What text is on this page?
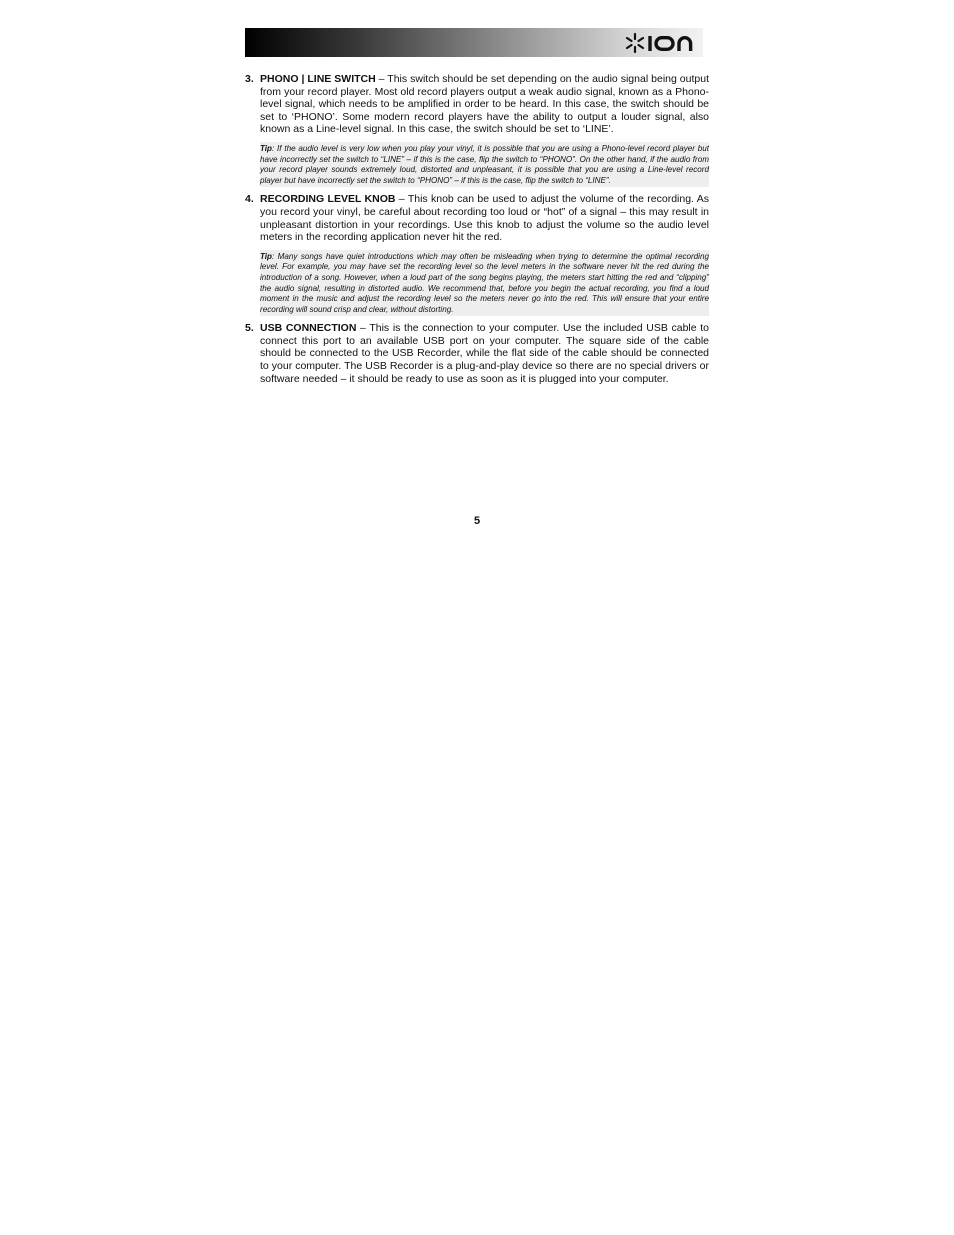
3. PHONO | LINE SWITCH – This switch should be set depending on the audio signal being output from your record player. Most old record players output a weak audio signal, known as a Phono-level signal, which needs to be amplified in order to be heard. In this case, the switch should be set to ‘PHONO’. Some modern record players have the ability to output a louder signal, also known as a Line-level signal. In this case, the switch should be set to ‘LINE’.
Tip: If the audio level is very low when you play your vinyl, it is possible that you are using a Phono-level record player but have incorrectly set the switch to “LINE” – if this is the case, flip the switch to “PHONO”. On the other hand, if the audio from your record player sounds extremely loud, distorted and unpleasant, it is possible that you are using a Line-level record player but have incorrectly set the switch to “PHONO” – if this is the case, flip the switch to “LINE”.
4. RECORDING LEVEL KNOB – This knob can be used to adjust the volume of the recording. As you record your vinyl, be careful about recording too loud or “hot” of a signal – this may result in unpleasant distortion in your recordings. Use this knob to adjust the volume so the audio level meters in the recording application never hit the red.
Tip: Many songs have quiet introductions which may often be misleading when trying to determine the optimal recording level. For example, you may have set the recording level so the level meters in the software never hit the red during the introduction of a song. However, when a loud part of the song begins playing, the meters start hitting the red and “clipping” the audio signal, resulting in distorted audio. We recommend that, before you begin the actual recording, you find a loud moment in the music and adjust the recording level so the meters never go into the red. This will ensure that your entire recording will sound crisp and clear, without distorting.
5. USB CONNECTION – This is the connection to your computer. Use the included USB cable to connect this port to an available USB port on your computer. The square side of the cable should be connected to the USB Recorder, while the flat side of the cable should be connected to your computer. The USB Recorder is a plug-and-play device so there are no special drivers or software needed – it should be ready to use as soon as it is plugged into your computer.
5
